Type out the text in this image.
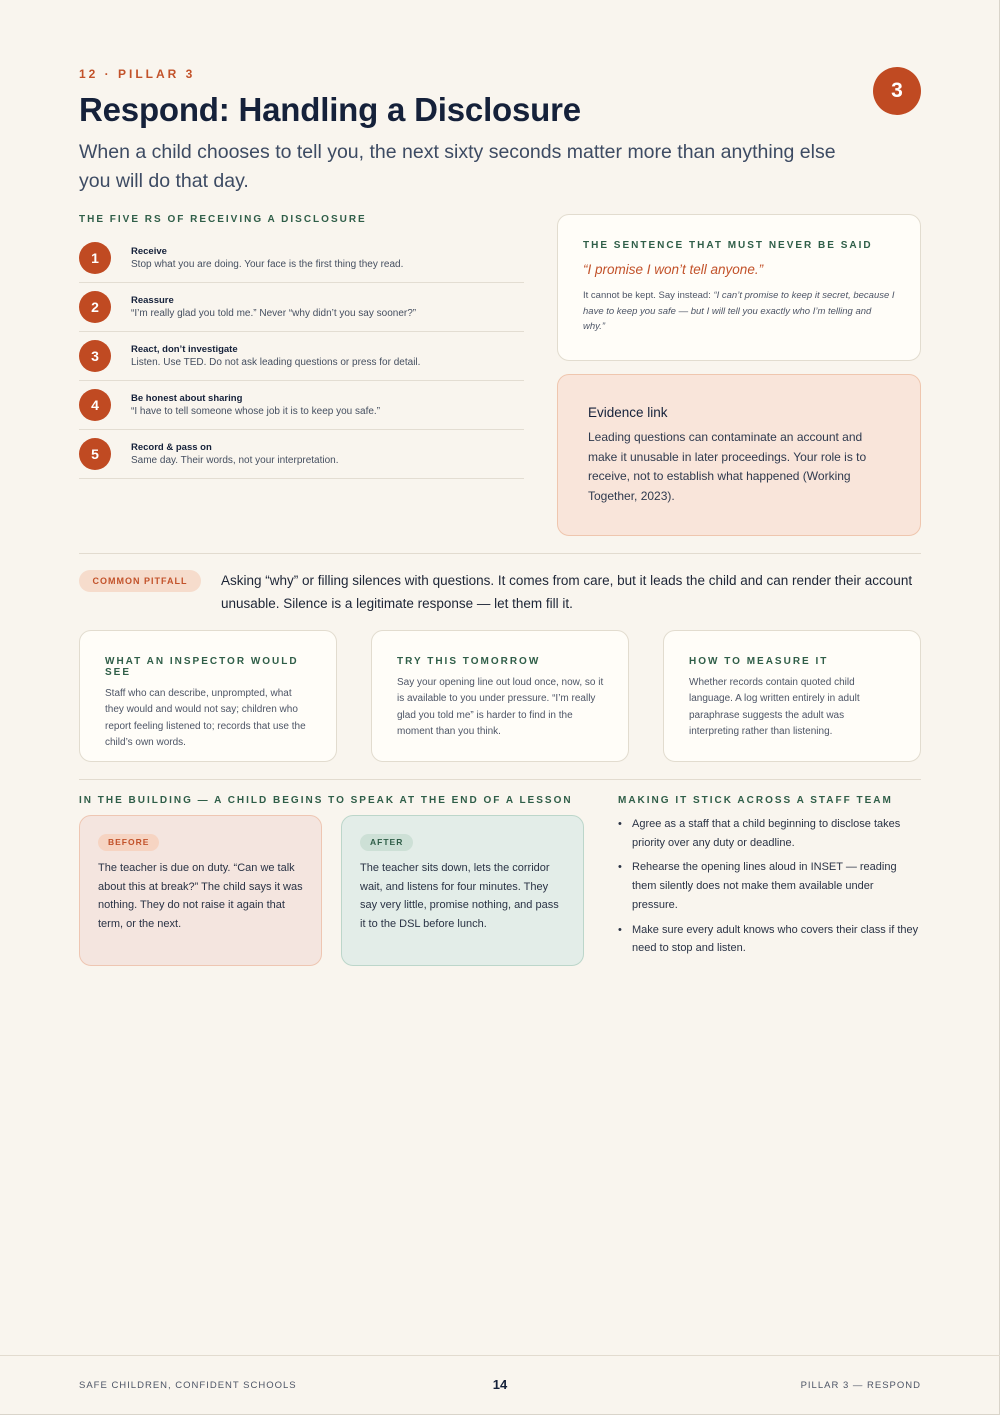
12 · PILLAR 3
3
Respond: Handling a Disclosure

When a child chooses to tell you, the next sixty seconds matter more than anything else you will do that day.

THE FIVE RS OF RECEIVING A DISCLOSURE
1	Receive
Stop what you are doing. Your face is the first thing they read.
2	Reassure
“I’m really glad you told me.” Never “why didn’t you say sooner?”
3	React, don’t investigate
Listen. Use TED. Do not ask leading questions or press for detail.
4	Be honest about sharing
“I have to tell someone whose job it is to keep you safe.”
5	Record & pass on
Same day. Their words, not your interpretation.
THE SENTENCE THAT MUST NEVER BE SAID
“I promise I won’t tell anyone.”

It cannot be kept. Say instead: “I can’t promise to keep it secret, because I have to keep you safe — but I will tell you exactly who I’m telling and why.”

Evidence link

Leading questions can contaminate an account and make it unusable in later proceedings. Your role is to receive, not to establish what happened (Working Together, 2023).

COMMON PITFALL	Asking “why” or filling silences with questions. It comes from care, but it leads the child and can render their account unusable. Silence is a legitimate response — let them fill it.

WHAT AN INSPECTOR WOULD SEE

Staff who can describe, unprompted, what they would and would not say; children who report feeling listened to; records that use the child’s own words.

TRY THIS TOMORROW

Say your opening line out loud once, now, so it is available to you under pressure. “I’m really glad you told me” is harder to find in the moment than you think.

HOW TO MEASURE IT

Whether records contain quoted child language. A log written entirely in adult paraphrase suggests the adult was interpreting rather than listening.

IN THE BUILDING — A CHILD BEGINS TO SPEAK AT THE END OF A LESSON
BEFORE

The teacher is due on duty. “Can we talk about this at break?” The child says it was nothing. They do not raise it again that term, or the next.

AFTER

The teacher sits down, lets the corridor wait, and listens for four minutes. They say very little, promise nothing, and pass it to the DSL before lunch.

MAKING IT STICK ACROSS A STAFF TEAM
• Agree as a staff that a child beginning to disclose takes priority over any duty or deadline.
• Rehearse the opening lines aloud in INSET — reading them silently does not make them available under pressure.
• Make sure every adult knows who covers their class if they need to stop and listen.
SAFE CHILDREN, CONFIDENT SCHOOLS	14	PILLAR 3 — RESPOND
